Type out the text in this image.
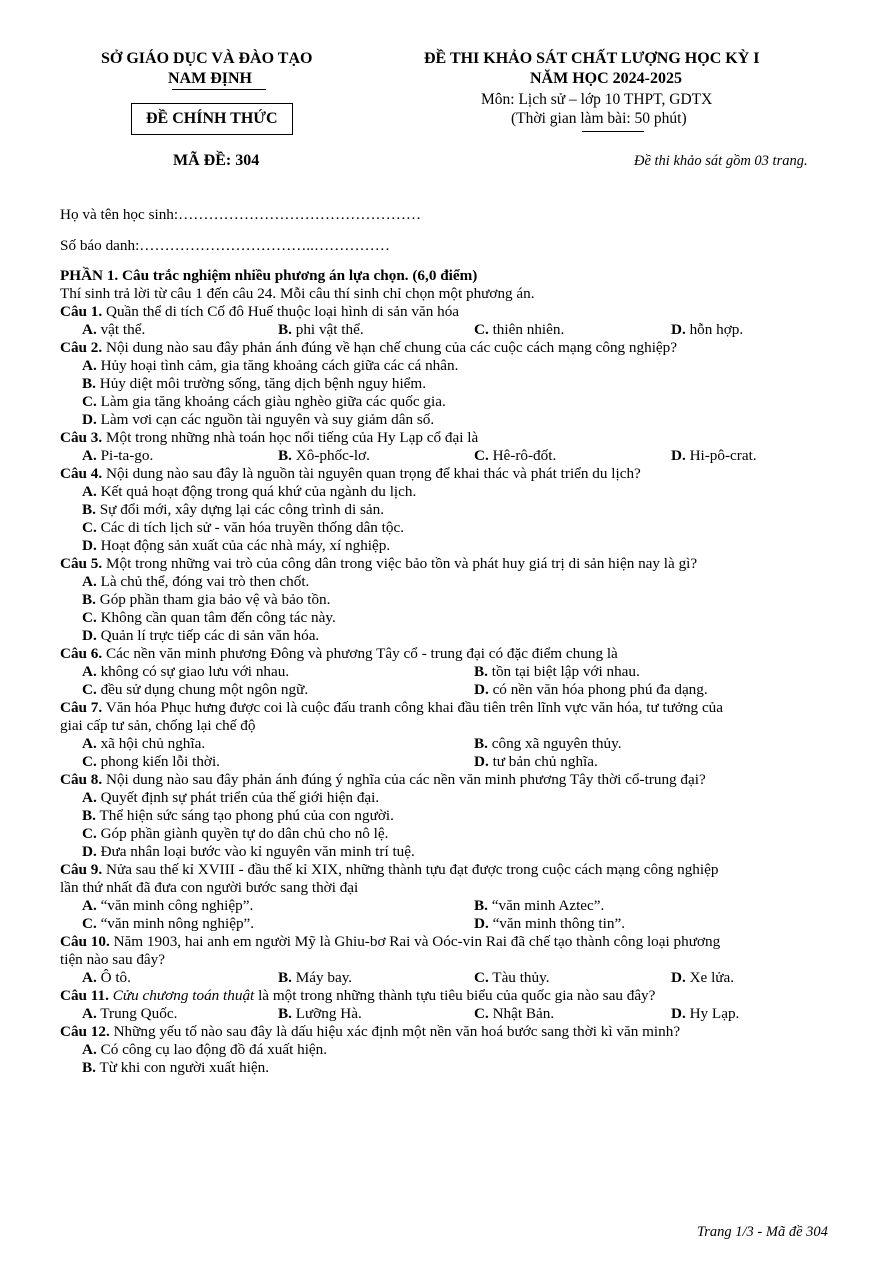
SỞ GIÁO DỤC VÀ ĐÀO TẠO
NAM ĐỊNH
ĐỀ CHÍNH THỨC
MÃ ĐỀ: 304
ĐỀ THI KHẢO SÁT CHẤT LƯỢNG HỌC KỲ I
NĂM HỌC 2024-2025
Môn: Lịch sử – lớp 10 THPT, GDTX
(Thời gian làm bài: 50 phút)
Đề thi khảo sát gồm 03 trang.
Họ và tên học sinh:…………………………………………
Số báo danh:……………………………..……………
PHẦN 1. Câu trắc nghiệm nhiều phương án lựa chọn. (6,0 điểm)
Thí sinh trả lời từ câu 1 đến câu 24. Mỗi câu thí sinh chỉ chọn một phương án.
Câu 1. Quần thể di tích Cố đô Huế thuộc loại hình di sản văn hóa
A. vật thể.	B. phi vật thể.	C. thiên nhiên.	D. hỗn hợp.
Câu 2. Nội dung nào sau đây phản ánh đúng về hạn chế chung của các cuộc cách mạng công nghiệp?
A. Hủy hoại tình cảm, gia tăng khoảng cách giữa các cá nhân.
B. Hủy diệt môi trường sống, tăng dịch bệnh nguy hiểm.
C. Làm gia tăng khoảng cách giàu nghèo giữa các quốc gia.
D. Làm vơi cạn các nguồn tài nguyên và suy giảm dân số.
Câu 3. Một trong những nhà toán học nổi tiếng của Hy Lạp cổ đại là
A. Pi-ta-go.	B. Xô-phốc-lơ.	C. Hê-rô-đốt.	D. Hi-pô-crat.
Câu 4. Nội dung nào sau đây là nguồn tài nguyên quan trọng để khai thác và phát triển du lịch?
A. Kết quả hoạt động trong quá khứ của ngành du lịch.
B. Sự đổi mới, xây dựng lại các công trình di sản.
C. Các di tích lịch sử - văn hóa truyền thống dân tộc.
D. Hoạt động sản xuất của các nhà máy, xí nghiệp.
Câu 5. Một trong những vai trò của công dân trong việc bảo tồn và phát huy giá trị di sản hiện nay là gì?
A. Là chủ thể, đóng vai trò then chốt.
B. Góp phần tham gia bảo vệ và bảo tồn.
C. Không cần quan tâm đến công tác này.
D. Quản lí trực tiếp các di sản văn hóa.
Câu 6. Các nền văn minh phương Đông và phương Tây cổ - trung đại có đặc điểm chung là
A. không có sự giao lưu với nhau.	B. tồn tại biệt lập với nhau.
C. đều sử dụng chung một ngôn ngữ.	D. có nền văn hóa phong phú đa dạng.
Câu 7. Văn hóa Phục hưng được coi là cuộc đấu tranh công khai đầu tiên trên lĩnh vực văn hóa, tư tưởng của
giai cấp tư sản, chống lại chế độ
A. xã hội chủ nghĩa.	B. công xã nguyên thủy.
C. phong kiến lỗi thời.	D. tư bản chủ nghĩa.
Câu 8. Nội dung nào sau đây phản ánh đúng ý nghĩa của các nền văn minh phương Tây thời cổ-trung đại?
A. Quyết định sự phát triển của thế giới hiện đại.
B. Thể hiện sức sáng tạo phong phú của con người.
C. Góp phần giành quyền tự do dân chủ cho nô lệ.
D. Đưa nhân loại bước vào kỉ nguyên văn minh trí tuệ.
Câu 9. Nửa sau thế kỉ XVIII - đầu thế kỉ XIX, những thành tựu đạt được trong cuộc cách mạng công nghiệp
lần thứ nhất đã đưa con người bước sang thời đại
A. “văn minh công nghiệp”.	B. “văn minh Aztec”.
C. “văn minh nông nghiệp”.	D. “văn minh thông tin”.
Câu 10. Năm 1903, hai anh em người Mỹ là Ghiu-bơ Rai và Oóc-vin Rai đã chế tạo thành công loại phương
tiện nào sau đây?
A. Ô tô.	B. Máy bay.	C. Tàu thủy.	D. Xe lửa.
Câu 11. Cửu chương toán thuật là một trong những thành tựu tiêu biểu của quốc gia nào sau đây?
A. Trung Quốc.	B. Lưỡng Hà.	C. Nhật Bản.	D. Hy Lạp.
Câu 12. Những yếu tố nào sau đây là dấu hiệu xác định một nền văn hoá bước sang thời kì văn minh?
A. Có công cụ lao động đồ đá xuất hiện.
B. Từ khi con người xuất hiện.
Trang 1/3 - Mã đề 304
